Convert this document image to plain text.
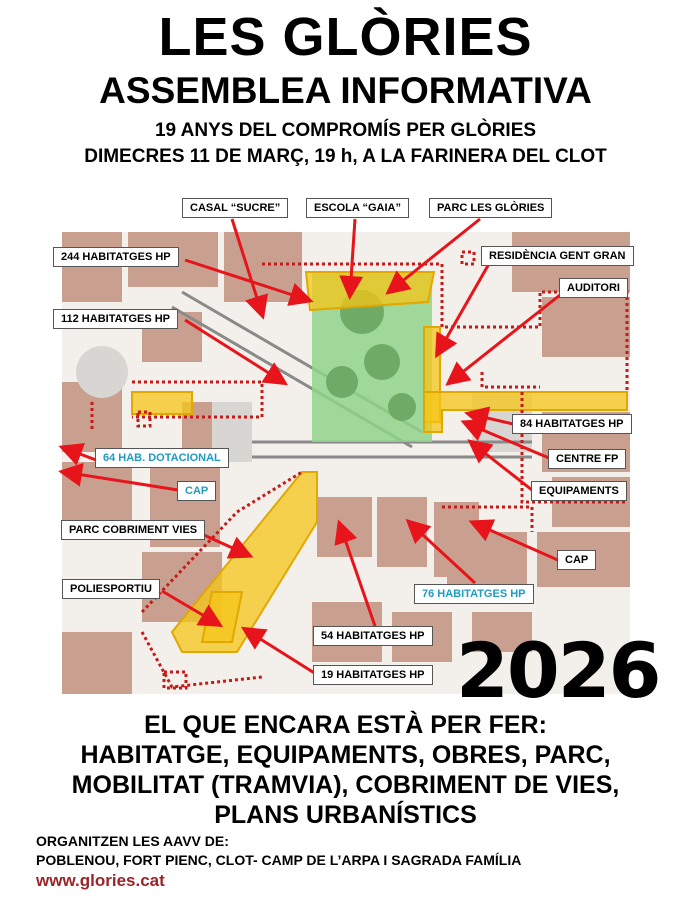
LES GLÒRIES
ASSEMBLEA INFORMATIVA
19 ANYS DEL COMPROMÍS PER GLÒRIES
DIMECRES 11 DE MARÇ, 19 h, A LA FARINERA DEL CLOT
CASAL “SUCRE”	ESCOLA “GAIA”	PARC LES GLÒRIES
244 HABITATGES HP	RESIDÈNCIA GENT GRAN
AUDITORI
112 HABITATGES HP
84 HABITATGES HP
64 HAB. DOTACIONAL	CENTRE FP
CAP	EQUIPAMENTS
PARC COBRIMENT VIES
CAP
POLIESPORTIU	76 HABITATGES HP
54 HABITATGES HP
19 HABITATGES HP 2026
EL QUE ENCARA ESTÀ PER FER:
HABITATGE, EQUIPAMENTS, OBRES, PARC,
MOBILITAT (TRAMVIA), COBRIMENT DE VIES,
PLANS URBANÍSTICS
ORGANITZEN LES AAVV DE:
POBLENOU, FORT PIENC, CLOT- CAMP DE L’ARPA I SAGRADA FAMÍLIA
www.glories.cat
